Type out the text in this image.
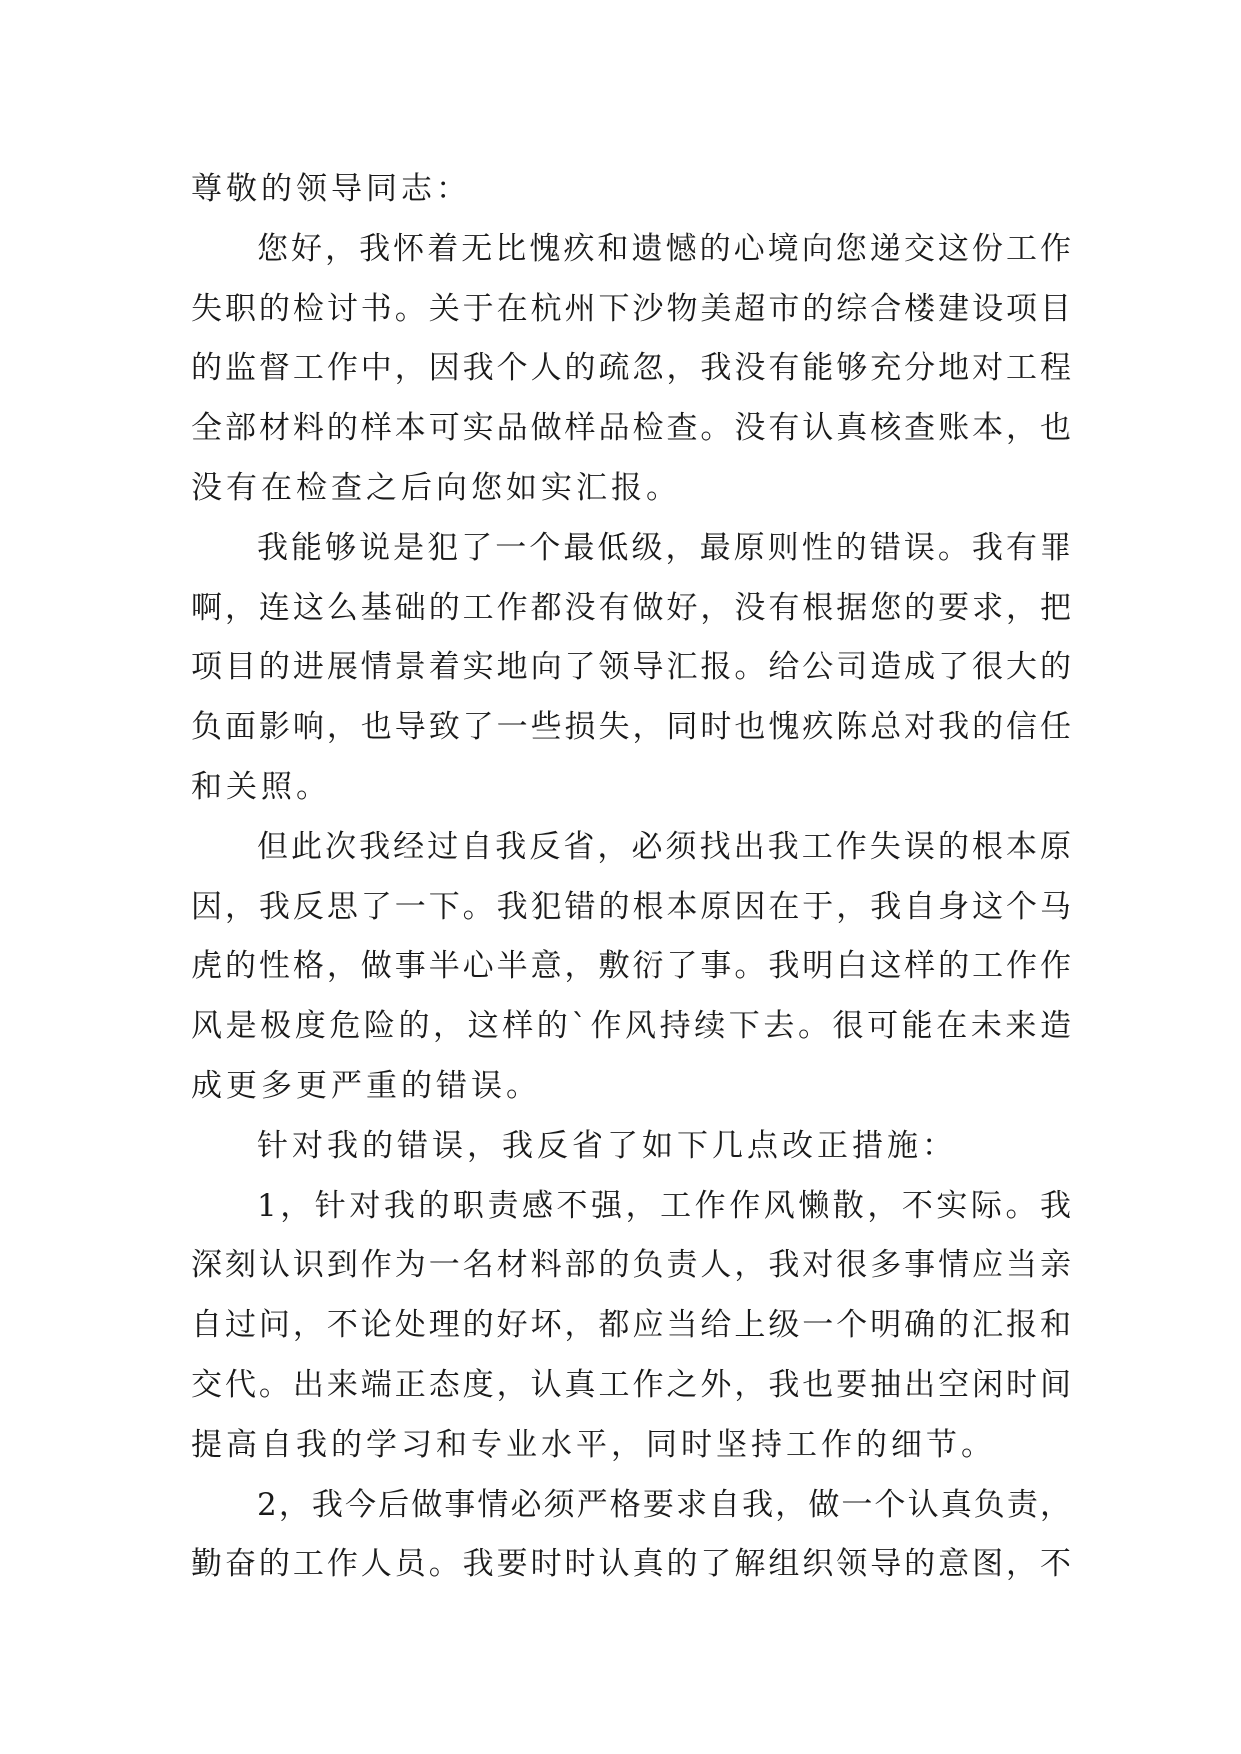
尊敬的领导同志：
您好，我怀着无比愧疚和遗憾的心境向您递交这份工作
失职的检讨书。关于在杭州下沙物美超市的综合楼建设项目
的监督工作中，因我个人的疏忽，我没有能够充分地对工程
全部材料的样本可实品做样品检查。没有认真核查账本，也
没有在检查之后向您如实汇报。
我能够说是犯了一个最低级，最原则性的错误。我有罪
啊，连这么基础的工作都没有做好，没有根据您的要求，把
项目的进展情景着实地向了领导汇报。给公司造成了很大的
负面影响，也导致了一些损失，同时也愧疚陈总对我的信任
和关照。
但此次我经过自我反省，必须找出我工作失误的根本原
因，我反思了一下。我犯错的根本原因在于，我自身这个马
虎的性格，做事半心半意，敷衍了事。我明白这样的工作作
风是极度危险的，这样的`作风持续下去。很可能在未来造
成更多更严重的错误。
针对我的错误，我反省了如下几点改正措施：
1，针对我的职责感不强，工作作风懒散，不实际。我
深刻认识到作为一名材料部的负责人，我对很多事情应当亲
自过问，不论处理的好坏，都应当给上级一个明确的汇报和
交代。出来端正态度，认真工作之外，我也要抽出空闲时间
提高自我的学习和专业水平，同时坚持工作的细节。
2，我今后做事情必须严格要求自我，做一个认真负责，
勤奋的工作人员。我要时时认真的了解组织领导的意图，不
